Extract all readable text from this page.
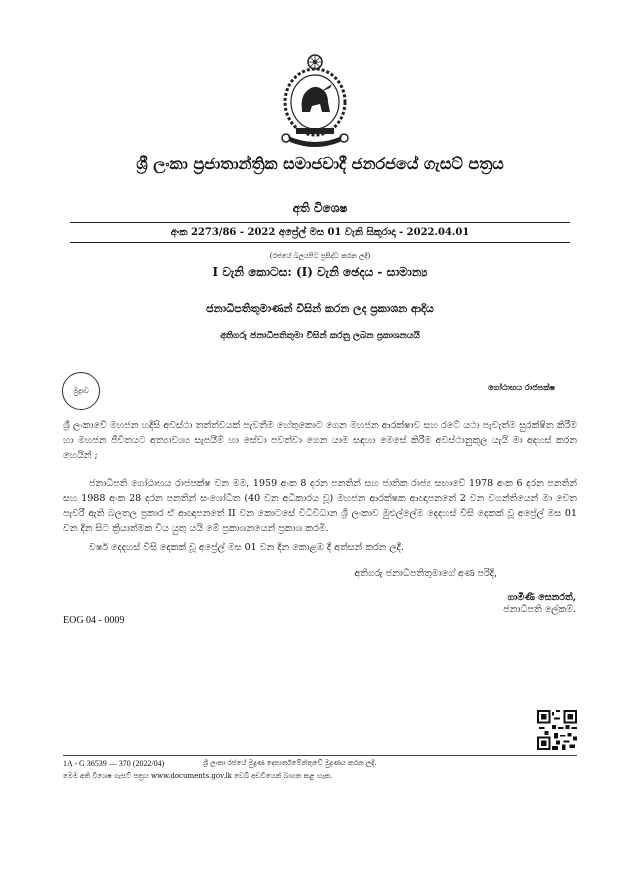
ශ්‍රී ලංකා ප්‍රජාතාන්ත්‍රික සමාජවාදී ජනරජයේ ගැසට් පත්‍රය
අති විශෙෂ
අංක 2273/86 - 2022 අප්‍රේල් මස 01 වැනි සිකුරාදා - 2022.04.01
(රජයේ බලයපිට ප්‍රසිද්ධ කරන ලදී)
I වැනි කොටස: (I) වැනි ඡෙදය - සාමාන්‍ය
ජනාධිපතිතුමාණන් විසින් කරන ලද ප්‍රකාශන ආදිය
අතිගරු ජනාධිපතිතුමා විසින් කරනු ලබන ප්‍රකාශනයයි
මුද්‍රාව	ගෝඨාභය රාජපක්ෂ
ශ්‍රී ලංකාවේ මහජන හදිසි අවස්ථා තත්ත්වයක් පැවතීම හේතුකොට ගෙන මහජන ආරක්ෂාව සහ රටේ යථා පැවැත්ම සුරක්ෂිත කිරීම හා මහජන ජීවිතයට අත්‍යාවශ්‍ය සැපයීම් හා සේවා පවත්වා ගෙන යාම සඳහා මෙසේ කිරීම අවස්ථානුකූල යැයි මා අදහස් කරන හෙයින් ;
ජනාධිපති ගෝඨාභය රාජපක්ෂ වන මම, 1959 අංක 8 දරන පනතින් සහ ජාතික රාජ්‍ය සභාවේ 1978 අංක 6 දරන පනතින් සහ 1988 අංක 28 දරන පනතින් සංශෝධිත (40 වන අධිකාරය වූ) මහජන ආරක්ෂක ආඥාපනතේ 2 වන වගන්තියෙන් මා වෙත පැවරී ඇති බලතල ප්‍රකාර ඒ ආඥාපනතේ II වන කොටසේ විධිවිධාන ශ්‍රී ලංකාව මුළුල්ලේම දෙදහස් විසි දෙකක් වූ අප්‍රේල් මස 01 වන දින සිට ක්‍රියාත්මක විය යුතු යයි මේ ප්‍රකාශනයෙන් ප්‍රකාශ කරමි.
වර්ෂ දෙදහස් විසි දෙකක් වූ අප්‍රේල් මස 01 වන දින කොළඹ දී අත්සන් කරන ලදී.
අතිගරු ජනාධිපතිතුමාගේ අණ පරිදි,
ගාමිණී සෙනරත්,
ජනාධිපති ලේකම්.
EOG 04 - 0009
1A - G 36539 — 370 (2022/04)	ශ්‍රී ලංකා රජයේ මුද්‍රණ දෙපාර්තමේන්තුවේ මුද්‍රණය කරන ලදී.
මෙම අති විශෙෂ ගැසට් පත්‍රය www.documents.gov.lk වෙබ් අඩවියෙන් බාගත කළ හැක.
